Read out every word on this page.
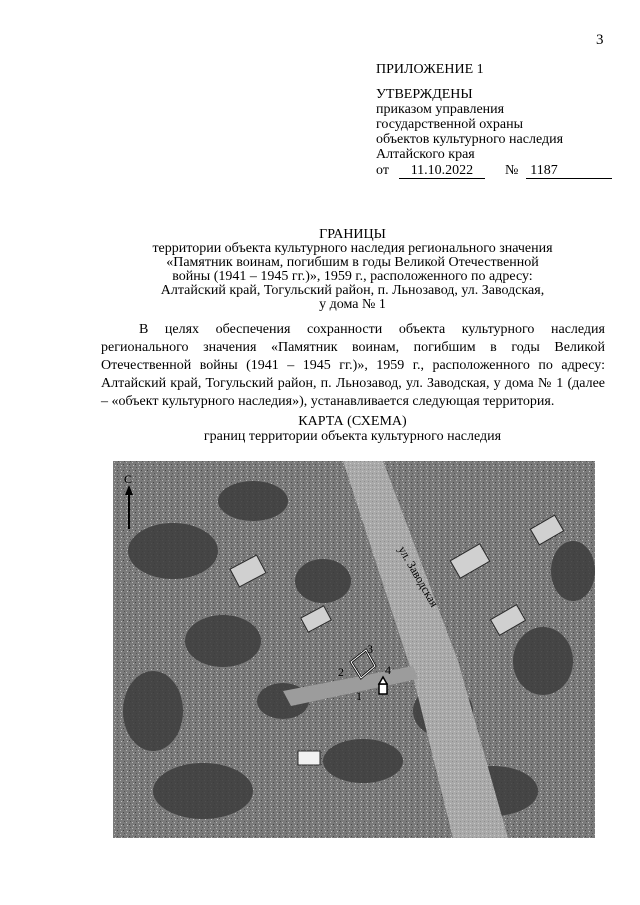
3
ПРИЛОЖЕНИЕ 1
УТВЕРЖДЕНЫ
приказом управления
государственной охраны
объектов культурного наследия
Алтайского края
от	11.10.2022	№ 1187
ГРАНИЦЫ
территории объекта культурного наследия регионального значения
«Памятник воинам, погибшим в годы Великой Отечественной
войны (1941 – 1945 гг.)», 1959 г., расположенного по адресу:
Алтайский край, Тогульский район, п. Льнозавод, ул. Заводская,
у дома № 1
В целях обеспечения сохранности объекта культурного наследия регионального значения «Памятник воинам, погибшим в годы Великой Отечественной войны (1941 – 1945 гг.)», 1959 г., расположенного по адресу: Алтайский край, Тогульский район, п. Льнозавод, ул. Заводская, у дома № 1 (далее – «объект культурного наследия»), устанавливается следующая территория.
КАРТА (СХЕМА)
границ территории объекта культурного наследия
ул. Заводская
С
1
2
3
4
